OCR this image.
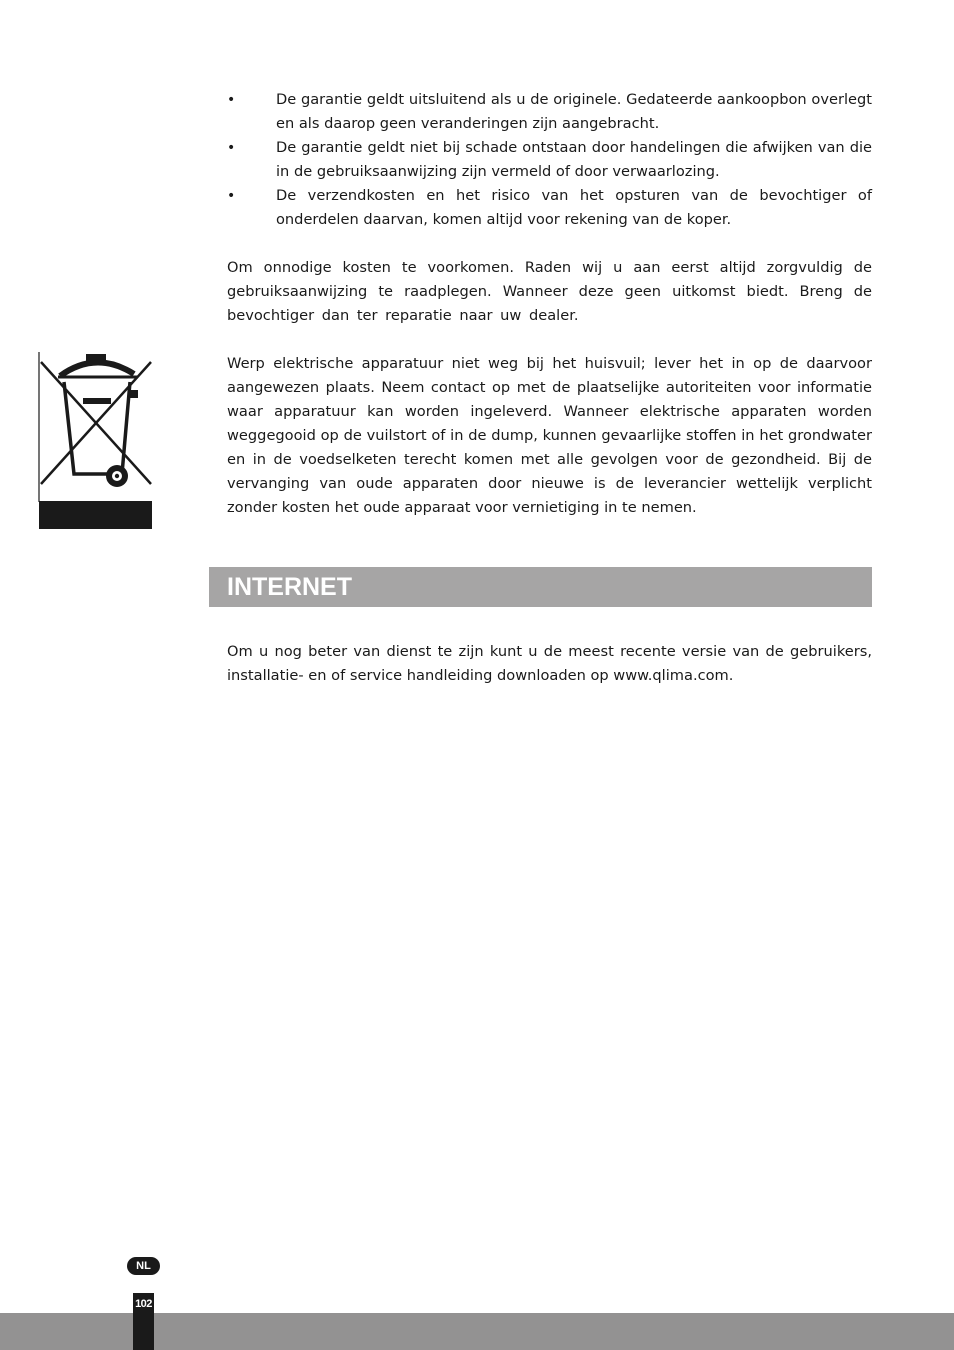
•	De garantie geldt uitsluitend als u de originele. Gedateerde aankoopbon overlegt en als daarop geen veranderingen zijn aangebracht.
•	De garantie geldt niet bij schade ontstaan door handelingen die afwijken van die in de gebruiksaanwijzing zijn vermeld of door verwaarlozing.
•	De verzendkosten en het risico van het opsturen van de bevochtiger of onderdelen daarvan, komen altijd voor rekening van de koper.

Om onnodige kosten te voorkomen. Raden wij u aan eerst altijd zorgvuldig de gebruiksaanwijzing te raadplegen. Wanneer deze geen uitkomst biedt. Breng de bevochtiger dan ter reparatie naar uw dealer.

Werp elektrische apparatuur niet weg bij het huisvuil; lever het in op de daarvoor aangewezen plaats. Neem contact op met de plaatselijke autoriteiten voor informatie waar apparatuur kan worden ingeleverd. Wanneer elektrische apparaten worden weggegooid op de vuilstort of in de dump, kunnen gevaarlijke stoffen in het grondwater en in de voedselketen terecht komen met alle gevolgen voor de gezondheid. Bij de vervanging van oude apparaten door nieuwe is de leverancier wettelijk verplicht zonder kosten het oude apparaat voor vernietiging in te nemen.

INTERNET

Om u nog beter van dienst te zijn kunt u de meest recente versie van de gebruikers, installatie- en of service handleiding downloaden op www.qlima.com.

NL
102
